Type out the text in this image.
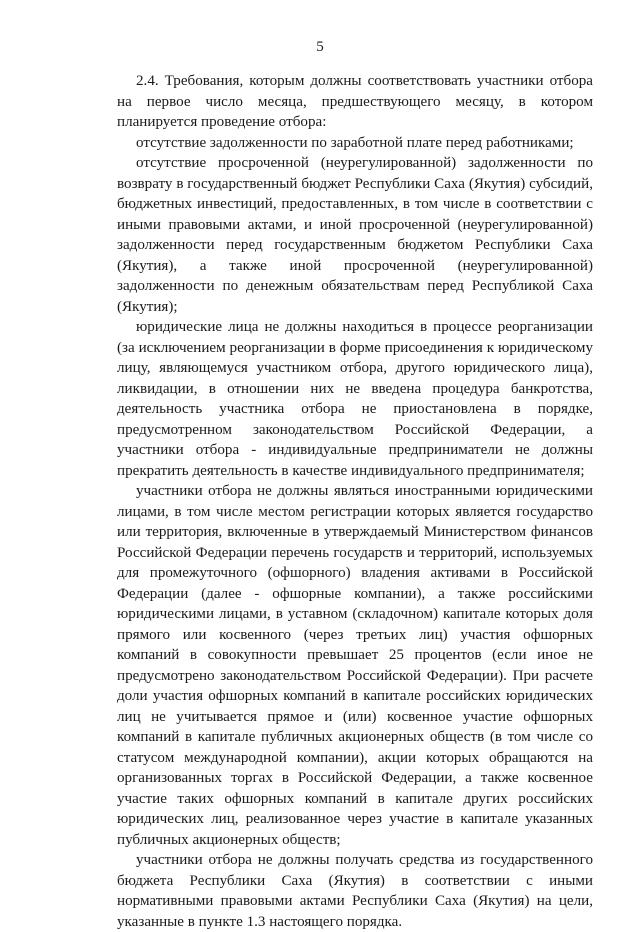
5

2.4. Требования, которым должны соответствовать участники отбора на первое число месяца, предшествующего месяцу, в котором планируется проведение отбора:

отсутствие задолженности по заработной плате перед работниками;

отсутствие просроченной (неурегулированной) задолженности по возврату в государственный бюджет Республики Саха (Якутия) субсидий, бюджетных инвестиций, предоставленных, в том числе в соответствии с иными правовыми актами, и иной просроченной (неурегулированной) задолженности перед государственным бюджетом Республики Саха (Якутия), а также иной просроченной (неурегулированной) задолженности по денежным обязательствам перед Республикой Саха (Якутия);

юридические лица не должны находиться в процессе реорганизации (за исключением реорганизации в форме присоединения к юридическому лицу, являющемуся участником отбора, другого юридического лица), ликвидации, в отношении них не введена процедура банкротства, деятельность участника отбора не приостановлена в порядке, предусмотренном законодательством Российской Федерации, а участники отбора - индивидуальные предприниматели не должны прекратить деятельность в качестве индивидуального предпринимателя;

участники отбора не должны являться иностранными юридическими лицами, в том числе местом регистрации которых является государство или территория, включенные в утверждаемый Министерством финансов Российской Федерации перечень государств и территорий, используемых для промежуточного (офшорного) владения активами в Российской Федерации (далее - офшорные компании), а также российскими юридическими лицами, в уставном (складочном) капитале которых доля прямого или косвенного (через третьих лиц) участия офшорных компаний в совокупности превышает 25 процентов (если иное не предусмотрено законодательством Российской Федерации). При расчете доли участия офшорных компаний в капитале российских юридических лиц не учитывается прямое и (или) косвенное участие офшорных компаний в капитале публичных акционерных обществ (в том числе со статусом международной компании), акции которых обращаются на организованных торгах в Российской Федерации, а также косвенное участие таких офшорных компаний в капитале других российских юридических лиц, реализованное через участие в капитале указанных публичных акционерных обществ;

участники отбора не должны получать средства из государственного бюджета Республики Саха (Якутия) в соответствии с иными нормативными правовыми актами Республики Саха (Якутия) на цели, указанные в пункте 1.3 настоящего порядка.
